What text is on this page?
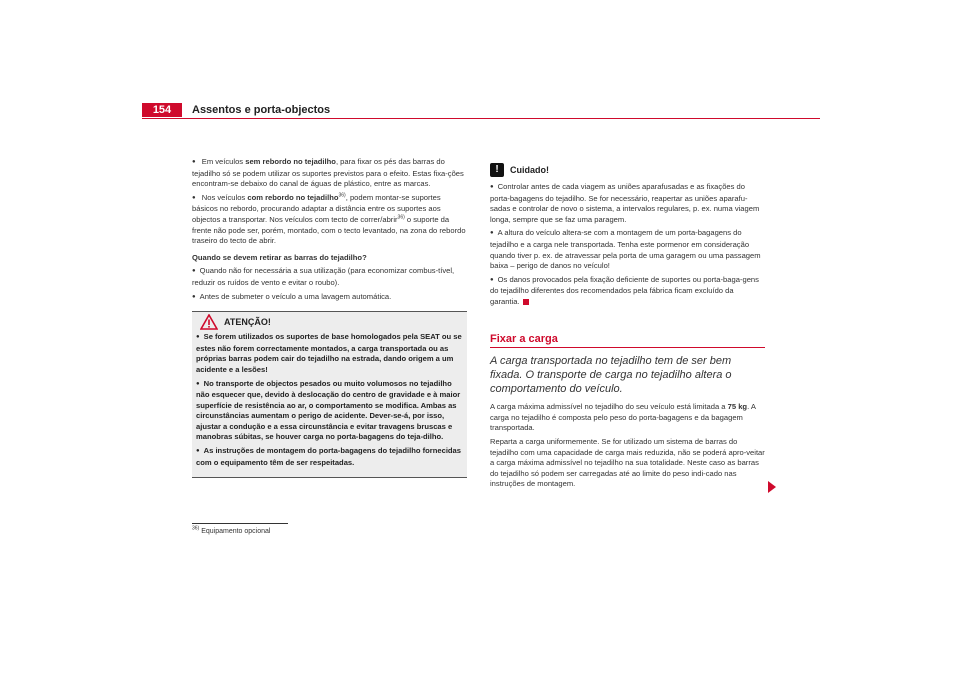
154	Assentos e porta-objectos

● Em veículos sem rebordo no tejadilho, para fixar os pés das barras do tejadilho só se podem utilizar os suportes previstos para o efeito. Estas fixa-ções encontram-se debaixo do canal de águas de plástico, entre as marcas.

● Nos veículos com rebordo no tejadilho$^{36)}$, podem montar-se suportes básicos no rebordo, procurando adaptar a distância entre os suportes aos objectos a transportar. Nos veículos com tecto de correr/abrir$^{36)}$ o suporte da frente não pode ser, porém, montado, com o tecto levantado, na zona do rebordo traseiro do tecto de abrir.

Quando se devem retirar as barras do tejadilho?

● Quando não for necessária a sua utilização (para economizar combus-tível, reduzir os ruídos de vento e evitar o roubo).

● Antes de submeter o veículo a uma lavagem automática.

ATENÇÃO!

● Se forem utilizados os suportes de base homologados pela SEAT ou se estes não forem correctamente montados, a carga transportada ou as próprias barras podem cair do tejadilho na estrada, dando origem a um acidente e a lesões!

● No transporte de objectos pesados ou muito volumosos no tejadilho não esquecer que, devido à deslocação do centro de gravidade e à maior superfície de resistência ao ar, o comportamento se modifica. Ambas as circunstâncias aumentam o perigo de acidente. Dever-se-á, por isso, ajustar a condução e a essa circunstância e evitar travagens bruscas e manobras súbitas, se houver carga no porta-bagagens do teja-dilho.

● As instruções de montagem do porta-bagagens do tejadilho fornecidas com o equipamento têm de ser respeitadas.

!	Cuidado!

● Controlar antes de cada viagem as uniões aparafusadas e as fixações do porta-bagagens do tejadilho. Se for necessário, reapertar as uniões aparafu-sadas e controlar de novo o sistema, a intervalos regulares, p. ex. numa viagem longa, sempre que se faz uma paragem.

● A altura do veículo altera-se com a montagem de um porta-bagagens do tejadilho e a carga nele transportada. Tenha este pormenor em consideração quando tiver p. ex. de atravessar pela porta de uma garagem ou uma passagem baixa – perigo de danos no veículo!

● Os danos provocados pela fixação deficiente de suportes ou porta-baga-gens do tejadilho diferentes dos recomendados pela fábrica ficam excluído da garantia.

Fixar a carga
A carga transportada no tejadilho tem de ser bem fixada. O transporte de carga no tejadilho altera o comportamento do veículo.

A carga máxima admissível no tejadilho do seu veículo está limitada a 75 kg. A carga no tejadilho é composta pelo peso do porta-bagagens e da bagagem transportada.

Reparta a carga uniformemente. Se for utilizado um sistema de barras do tejadilho com uma capacidade de carga mais reduzida, não se poderá apro-veitar a carga máxima admissível no tejadilho na sua totalidade. Neste caso as barras do tejadilho só podem ser carregadas até ao limite do peso indi-cado nas instruções de montagem.

$^{36)}$ Equipamento opcional
